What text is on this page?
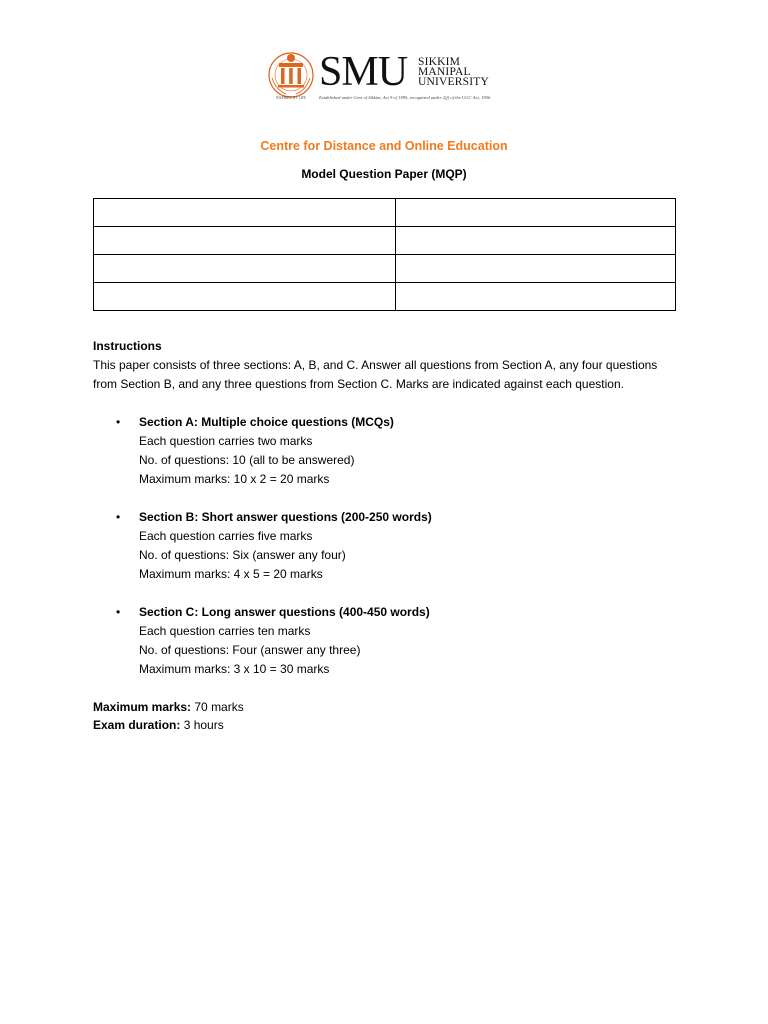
INSPIRED BY LIFE
SMU SIKKIM
MANIPAL
UNIVERSITY
Established under Govt of Sikkim, Act 9 of 1995, recognised under 2(f) of the UGC Act, 1956
Centre for Distance and Online Education
Model Question Paper (MQP)

Instructions

This paper consists of three sections: A, B, and C. Answer all questions from Section A, any four questions from Section B, and any three questions from Section C. Marks are indicated against each question.

• Section A: Multiple choice questions (MCQs)
Each question carries two marks
No. of questions: 10 (all to be answered)
Maximum marks: 10 x 2 = 20 marks
• Section B: Short answer questions (200-250 words)
Each question carries five marks
No. of questions: Six (answer any four)
Maximum marks: 4 x 5 = 20 marks
• Section C: Long answer questions (400-450 words)
Each question carries ten marks
No. of questions: Four (answer any three)
Maximum marks: 3 x 10 = 30 marks
Maximum marks: 70 marks
Exam duration: 3 hours
